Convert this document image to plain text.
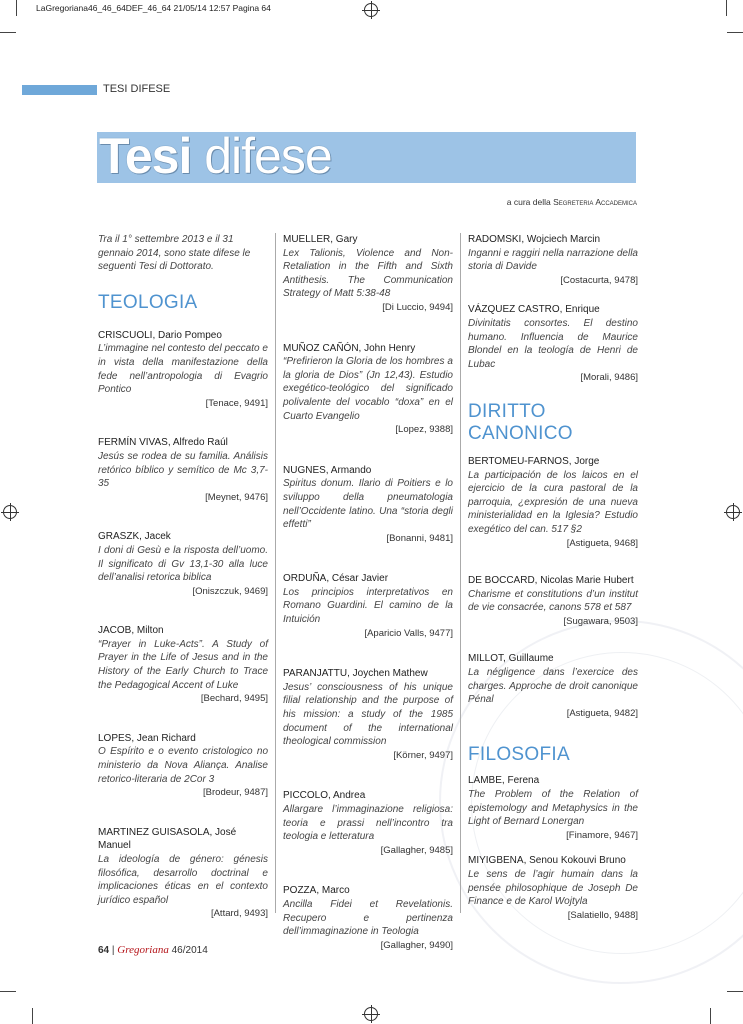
LaGregoriana46_46_64DEF_46_64 21/05/14 12:57 Pagina 64
TESI DIFESE
Tesi difese
a cura della Segreteria Accademica

Tra il 1° settembre 2013 e il 31 gennaio 2014, sono state difese le seguenti Tesi di Dottorato.

TEOLOGIA
CRISCUOLI, Dario Pompeo
L’immagine nel contesto del peccato e in vista della manifestazione della fede nell’antropologia di Evagrio Pontico
[Tenace, 9491]
FERMÍN VIVAS, Alfredo Raúl
Jesús se rodea de su familia. Análisis retórico bíblico y semítico de Mc 3,7-35
[Meynet, 9476]
GRASZK, Jacek
I doni di Gesù e la risposta dell’uomo. Il significato di Gv 13,1-30 alla luce dell’analisi retorica biblica
[Oniszczuk, 9469]
JACOB, Milton
“Prayer in Luke-Acts”. A Study of Prayer in the Life of Jesus and in the History of the Early Church to Trace the Pedagogical Accent of Luke
[Bechard, 9495]
LOPES, Jean Richard
O Espírito e o evento cristologico no ministerio da Nova Aliança. Analise retorico-literaria de 2Cor 3
[Brodeur, 9487]
MARTINEZ GUISASOLA, José Manuel
La ideología de género: génesis filosófica, desarrollo doctrinal e implicaciones éticas en el contexto jurídico español
[Attard, 9493]
MUELLER, Gary
Lex Talionis, Violence and Non-Retaliation in the Fifth and Sixth Antithesis. The Communication Strategy of Matt 5:38-48
[Di Luccio, 9494]
MUÑOZ CAÑÓN, John Henry
“Prefirieron la Gloria de los hombres a la gloria de Dios” (Jn 12,43). Estudio exegético-teológico del significado polivalente del vocablo “doxa” en el Cuarto Evangelio
[Lopez, 9388]
NUGNES, Armando
Spiritus donum. Ilario di Poitiers e lo sviluppo della pneumatologia nell’Occidente latino. Una “storia degli effetti”
[Bonanni, 9481]
ORDUÑA, César Javier
Los principios interpretativos en Romano Guardini. El camino de la Intuición
[Aparicio Valls, 9477]
PARANJATTU, Joychen Mathew
Jesus’ consciousness of his unique filial relationship and the purpose of his mission: a study of the 1985 document of the international theological commission
[Körner, 9497]
PICCOLO, Andrea
Allargare l’immaginazione religiosa: teoria e prassi nell’incontro tra teologia e letteratura
[Gallagher, 9485]
POZZA, Marco
Ancilla Fidei et Revelationis. Recupero e pertinenza dell’immaginazione in Teologia
[Gallagher, 9490]
RADOMSKI, Wojciech Marcin
Inganni e raggiri nella narrazione della storia di Davide
[Costacurta, 9478]
VÁZQUEZ CASTRO, Enrique
Divinitatis consortes. El destino humano. Influencia de Maurice Blondel en la teología de Henri de Lubac
[Morali, 9486]
DIRITTO CANONICO
BERTOMEU-FARNOS, Jorge
La participación de los laicos en el ejercicio de la cura pastoral de la parroquia, ¿expresión de una nueva ministerialidad en la Iglesia? Estudio exegético del can. 517 §2
[Astigueta, 9468]
DE BOCCARD, Nicolas Marie Hubert
Charisme et constitutions d’un institut de vie consacrée, canons 578 et 587
[Sugawara, 9503]
MILLOT, Guillaume
La négligence dans l’exercice des charges. Approche de droit canonique Pénal
[Astigueta, 9482]
FILOSOFIA
LAMBE, Ferena
The Problem of the Relation of epistemology and Metaphysics in the Light of Bernard Lonergan
[Finamore, 9467]
MIYIGBENA, Senou Kokouvi Bruno
Le sens de l’agir humain dans la pensée philosophique de Joseph De Finance e de Karol Wojtyla
[Salatiello, 9488]
64 | Gregoriana 46/2014
